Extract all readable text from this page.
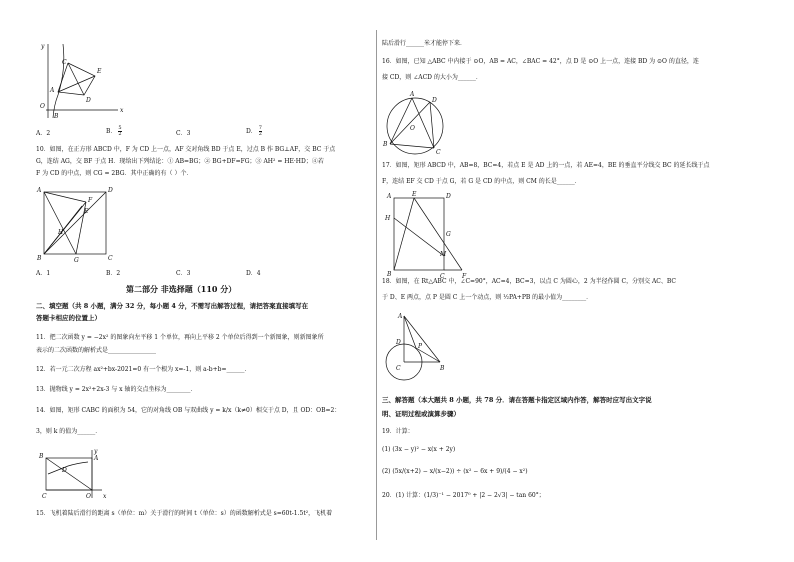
y
x
O
A
B
C
D
E
A．2	B． $\frac{5}{2}$	C．3	D． $\frac{7}{2}$
10．如图，在正方形 ABCD 中，F 为 CD 上一点，AF 交对角线 BD 于点 E，过点 B 作 BG⊥AF，交 BC 于点
G，连结 AG，交 BF 于点 H．现给出下列结论：① AB=BG；② BG+DF=FG；③ AH² = HE·HD；④若
F 为 CD 的中点，则 CG = 2BG．其中正确的有（ ）个．
A	D
F
E
H
B	G	C
A．1	B．2	C．3	D．4
第二部分 非选择题（110 分）
二、填空题（共 8 小题，满分 32 分，每小题 4 分，不需写出解答过程，请把答案直接填写在
答题卡相应的位置上）
11．把二次函数 y = −2x² 的图象向左平移 1 个单位，再向上平移 2 个单位后得到一个新图象，则新图象所
表示的二次函数的解析式是________________
12．若一元二次方程 ax²+bx-2021=0 有一个根为 x=-1，则 a-b+b=______．
13．抛物线 y = 2x²+2x-3 与 x 轴的交点坐标为________．
14．如图，矩形 CABC 的面积为 54，它的对角线 OB 与双曲线 y = k/x（k≠0）相交于点 D，且 OD：OB=2：
3，则 k 的值为______．
y
B	A
D
C	O x
15．飞机着陆后滑行的距离 s（单位：m）关于滑行的时间 t（单位：s）的函数解析式是 s=60t-1.5t²，飞机着
陆后滑行______米才能停下来．
16．如图，已知 △ABC 中内接于 ⊙O，AB = AC，∠BAC = 42°，点 D 是 ⊙O 上一点，连接 BD 为 ⊙O 的直径，连
接 CD，则 ∠ACD 的大小为______．
A
D
O
B
C
17．如图，矩形 ABCD 中，AB=8，BC=4，若点 E 是 AD 上的一点，若 AE=4，BE 的垂直平分线交 BC 的延长线于点
F，连结 EF 交 CD 于点 G，若 G 是 CD 的中点，则 CM 的长是______．
A	E	D
H
G
M
B	C	F
18．如图，在 Rt△ABC 中，∠C=90°，AC=4，BC=3，以点 C 为圆心，2 为半径作圆 C，分别交 AC、BC
于 D、E 两点，点 P 是圆 C 上一个动点，则 ½PA+PB 的最小值为________．
A
D
P
C	B
三、解答题（本大题共 8 小题，共 78 分．请在答题卡指定区域内作答，解答时应写出文字说
明、证明过程或演算步骤）
19．计算：
(1) (3x − y)² − x(x + 2y)
(2) (5x/(x+2) − x/(x−2)) ÷ (x² − 6x + 9)/(4 − x²)
20．(1) 计算：(1/3)⁻¹ − 2017⁰ + |2 − 2√3| − tan 60°；
